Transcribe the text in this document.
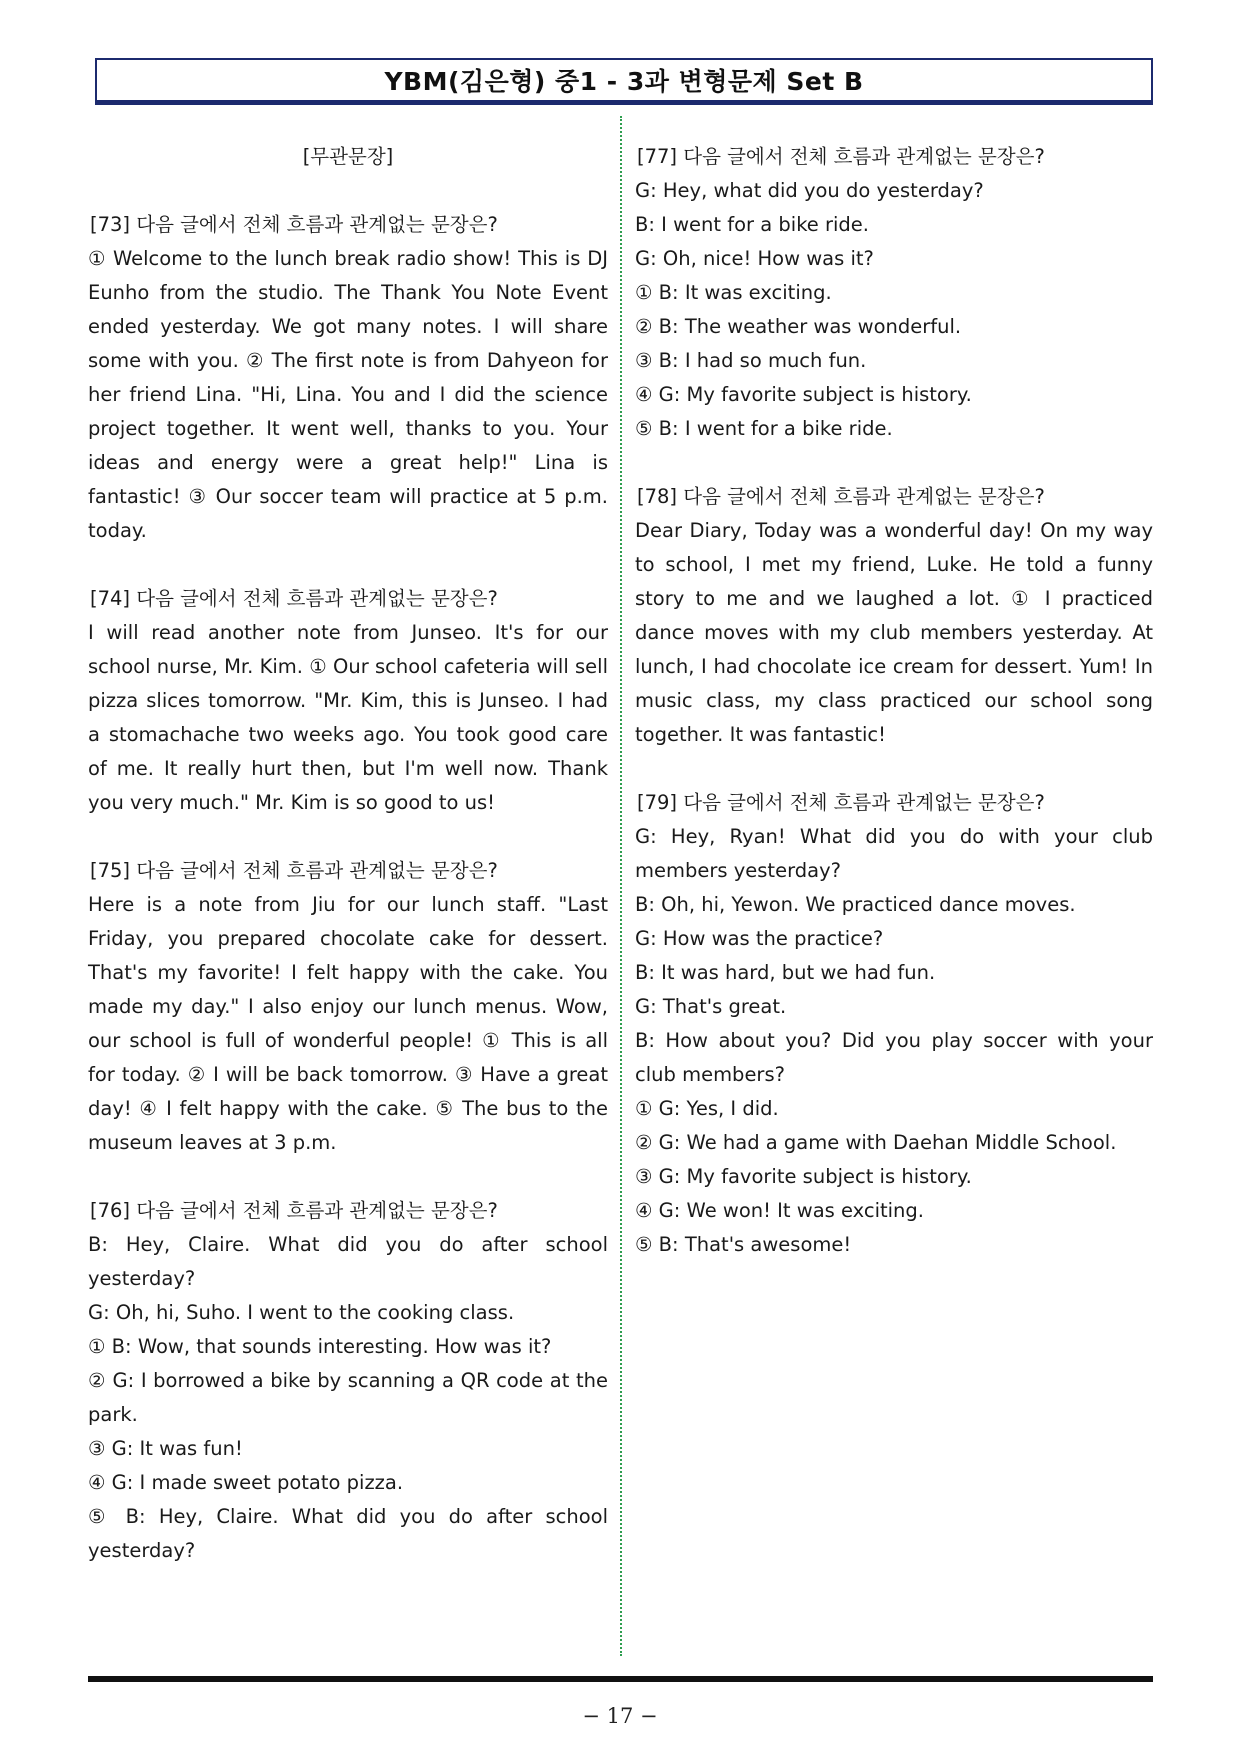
YBM(김은형) 중1 - 3과 변형문제 Set B

[무관문장]

[73] 다음 글에서 전체 흐름과 관계없는 문장은?

① Welcome to the lunch break radio show! This is DJ Eunho from the studio. The Thank You Note Event ended yesterday. We got many notes. I will share some with you. ② The first note is from Dahyeon for her friend Lina. "Hi, Lina. You and I did the science project together. It went well, thanks to you. Your ideas and energy were a great help!" Lina is fantastic! ③ Our soccer team will practice at 5 p.m. today.

[74] 다음 글에서 전체 흐름과 관계없는 문장은?

I will read another note from Junseo. It's for our school nurse, Mr. Kim. ① Our school cafeteria will sell pizza slices tomorrow. "Mr. Kim, this is Junseo. I had a stomachache two weeks ago. You took good care of me. It really hurt then, but I'm well now. Thank you very much." Mr. Kim is so good to us!

[75] 다음 글에서 전체 흐름과 관계없는 문장은?

Here is a note from Jiu for our lunch staff. "Last Friday, you prepared chocolate cake for dessert. That's my favorite! I felt happy with the cake. You made my day." I also enjoy our lunch menus. Wow, our school is full of wonderful people! ① This is all for today. ② I will be back tomorrow. ③ Have a great day! ④ I felt happy with the cake. ⑤ The bus to the museum leaves at 3 p.m.

[76] 다음 글에서 전체 흐름과 관계없는 문장은?

B: Hey, Claire. What did you do after school yesterday?

G: Oh, hi, Suho. I went to the cooking class.

① B: Wow, that sounds interesting. How was it?

② G: I borrowed a bike by scanning a QR code at the park.

③ G: It was fun!

④ G: I made sweet potato pizza.

⑤ B: Hey, Claire. What did you do after school yesterday?

[77] 다음 글에서 전체 흐름과 관계없는 문장은?

G: Hey, what did you do yesterday?

B: I went for a bike ride.

G: Oh, nice! How was it?

① B: It was exciting.

② B: The weather was wonderful.

③ B: I had so much fun.

④ G: My favorite subject is history.

⑤ B: I went for a bike ride.

[78] 다음 글에서 전체 흐름과 관계없는 문장은?

Dear Diary, Today was a wonderful day! On my way to school, I met my friend, Luke. He told a funny story to me and we laughed a lot. ① I practiced dance moves with my club members yesterday. At lunch, I had chocolate ice cream for dessert. Yum! In music class, my class practiced our school song together. It was fantastic!

[79] 다음 글에서 전체 흐름과 관계없는 문장은?

G: Hey, Ryan! What did you do with your club members yesterday?

B: Oh, hi, Yewon. We practiced dance moves.

G: How was the practice?

B: It was hard, but we had fun.

G: That's great.

B: How about you? Did you play soccer with your club members?

① G: Yes, I did.

② G: We had a game with Daehan Middle School.

③ G: My favorite subject is history.

④ G: We won! It was exciting.

⑤ B: That's awesome!

− 17 −
